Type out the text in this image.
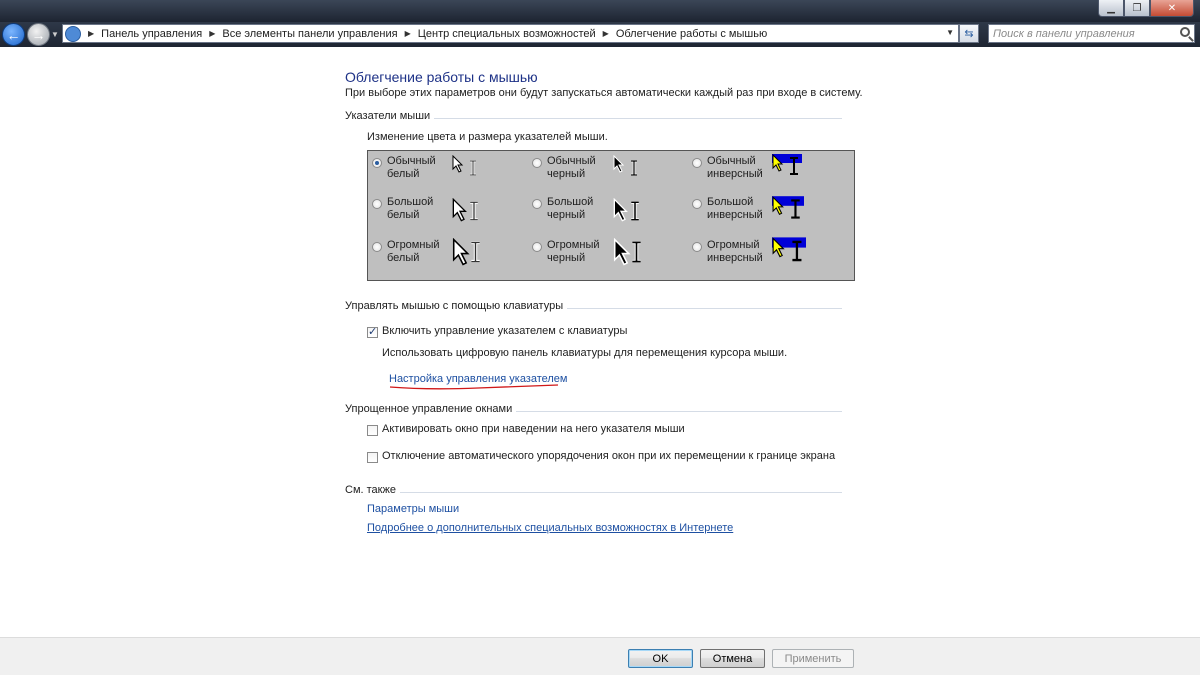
▁ ❐	✕
← → ▼	▶ Панель управления ▶ Все элементы панели управления ▶ Центр специальных возможностей ▶ Облегчение работы с мышью	▼ ⇆
Поиск в панели управления
Облегчение работы с мышью
При выборе этих параметров они будут запускаться автоматически каждый раз при входе в систему.
Указатели мыши
Изменение цвета и размера указателей мыши.
Обычный
белый
Обычный
черный
Обычный
инверсный
Большой
белый
Большой
черный
Большой
инверсный
Огромный
белый
Огромный
черный
Огромный
инверсный
Управлять мышью с помощью клавиатуры
✓
Включить управление указателем с клавиатуры
Использовать цифровую панель клавиатуры для перемещения курсора мыши.
Настройка управления указателем
Упрощенное управление окнами
Активировать окно при наведении на него указателя мыши
Отключение автоматического упорядочения окон при их перемещении к границе экрана
См. также
Параметры мыши
Подробнее о дополнительных специальных возможностях в Интернете
OK	Отмена	Применить
